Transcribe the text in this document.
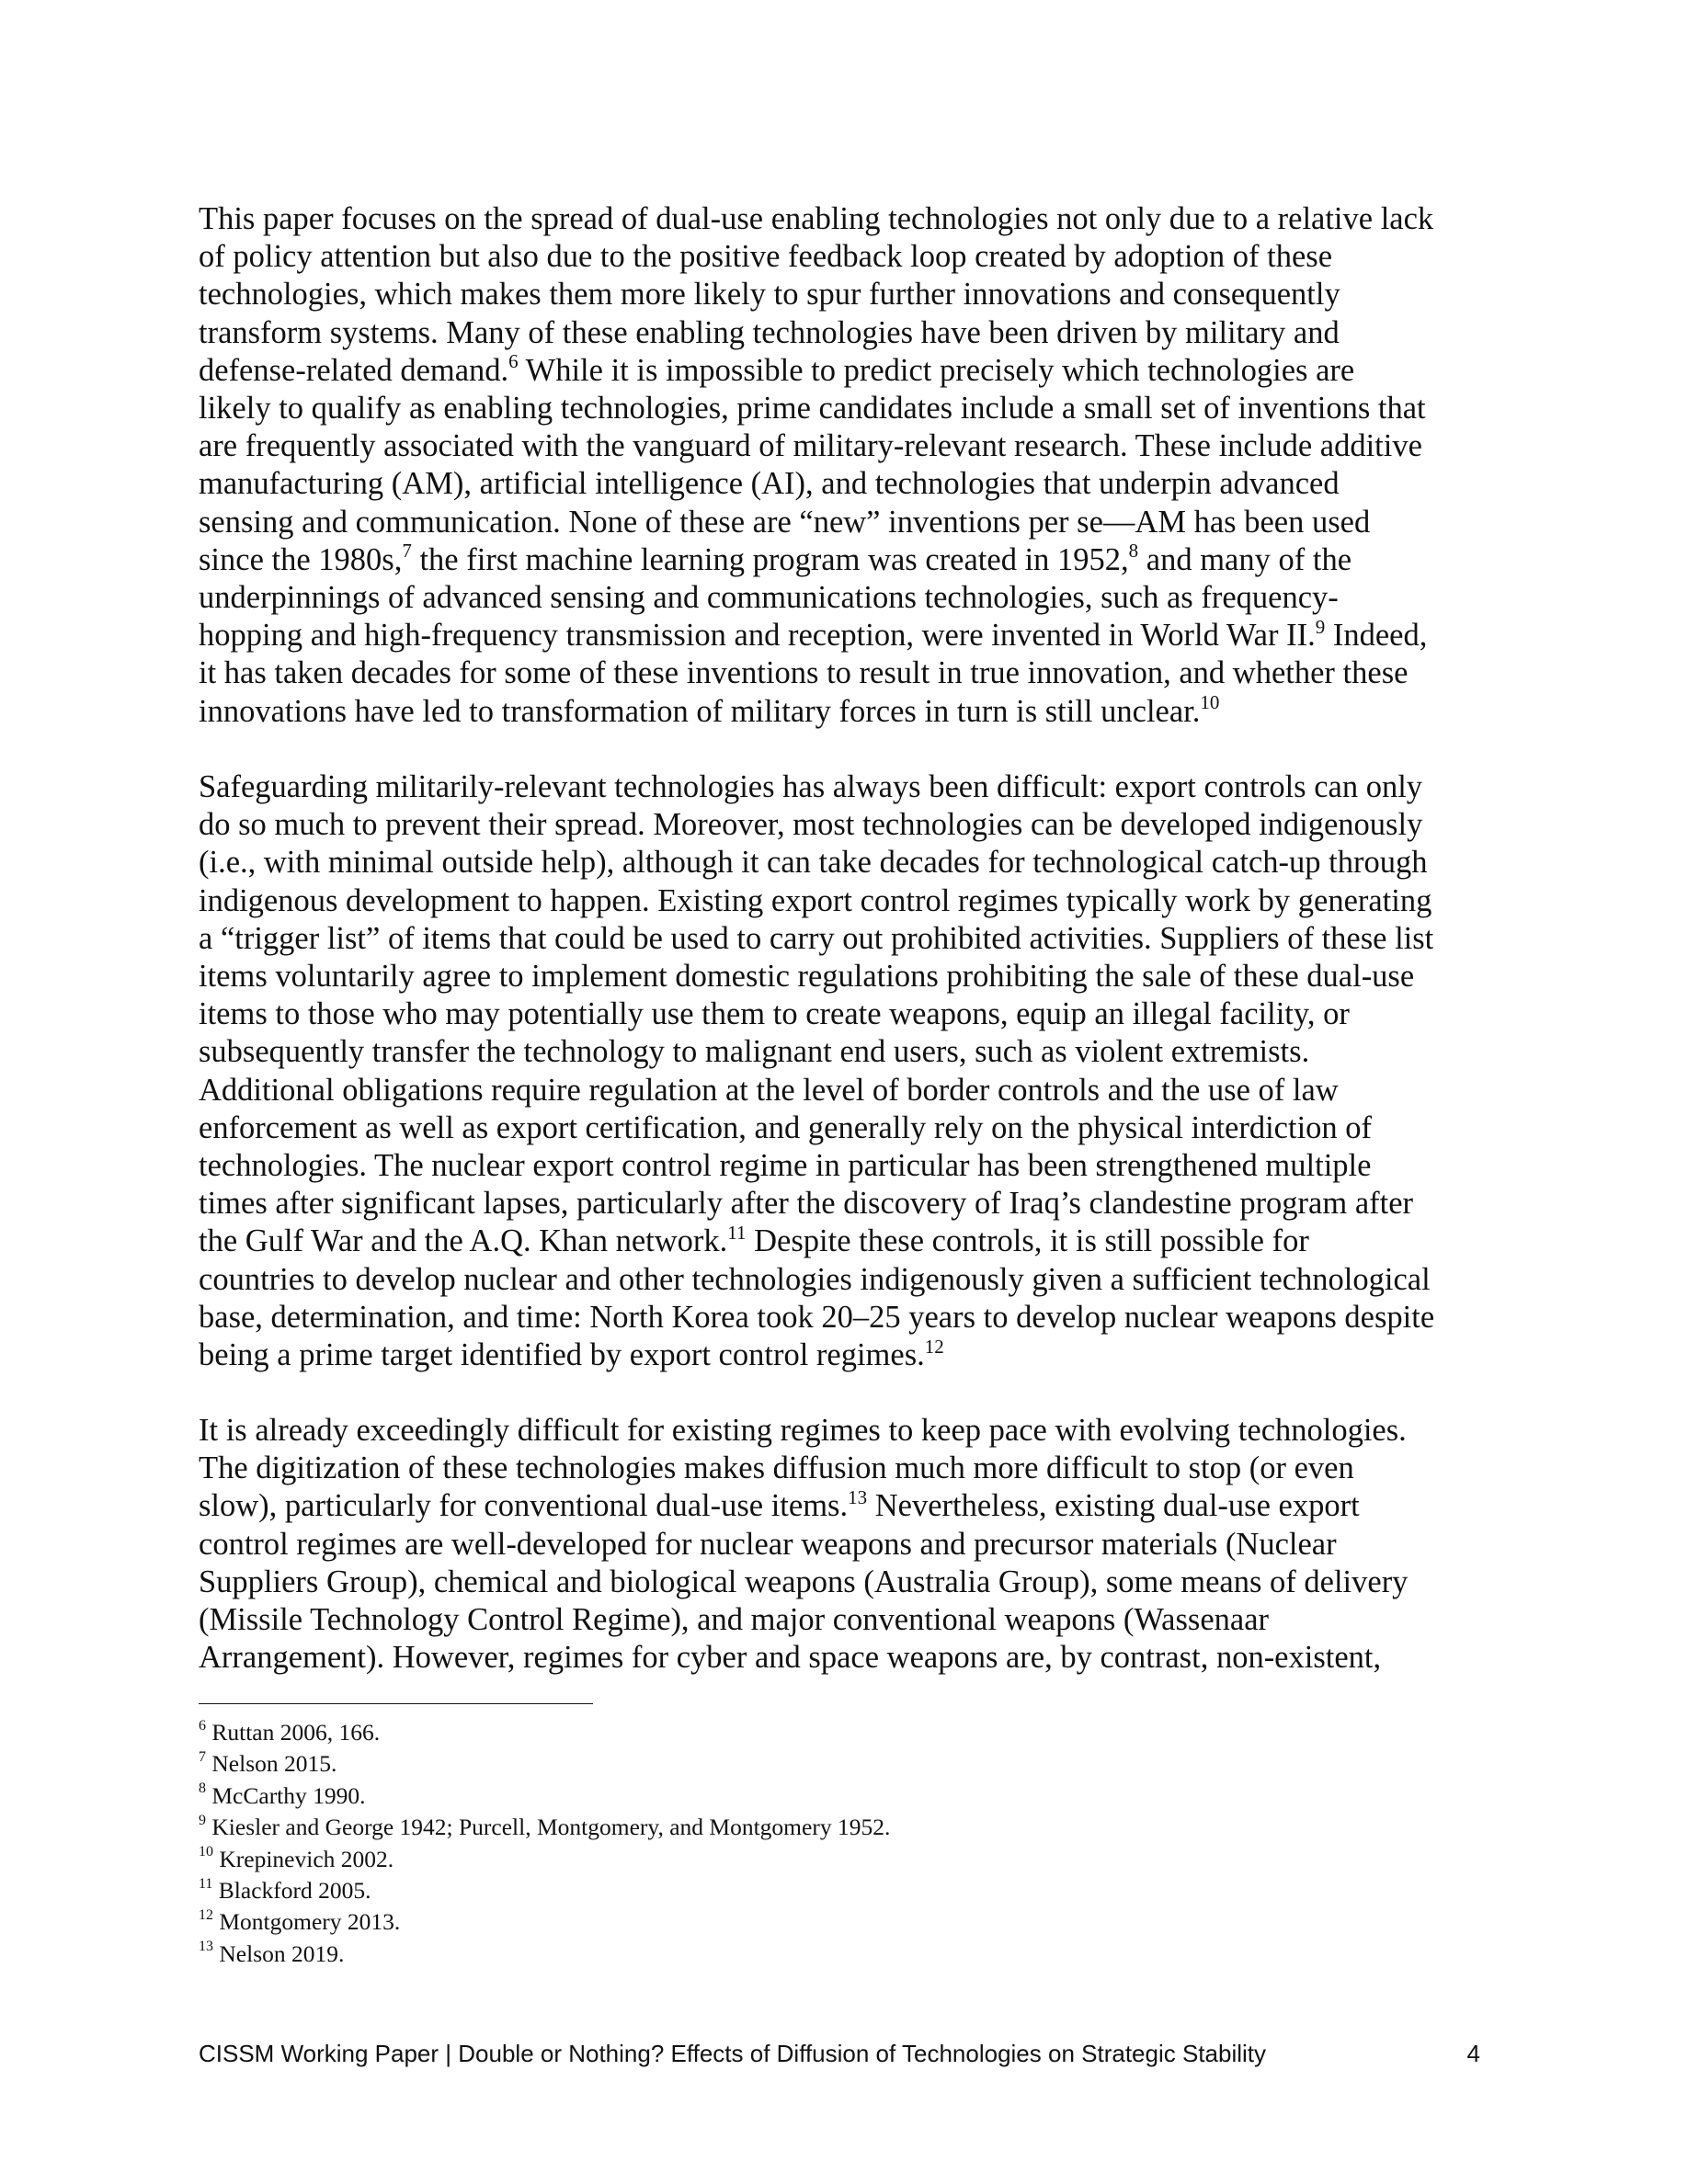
This paper focuses on the spread of dual-use enabling technologies not only due to a relative lack
of policy attention but also due to the positive feedback loop created by adoption of these
technologies, which makes them more likely to spur further innovations and consequently
transform systems. Many of these enabling technologies have been driven by military and
defense-related demand.$^6$ While it is impossible to predict precisely which technologies are
likely to qualify as enabling technologies, prime candidates include a small set of inventions that
are frequently associated with the vanguard of military-relevant research. These include additive
manufacturing (AM), artificial intelligence (AI), and technologies that underpin advanced
sensing and communication. None of these are “new” inventions per se—AM has been used
since the 1980s,$^7$ the first machine learning program was created in 1952,$^8$ and many of the
underpinnings of advanced sensing and communications technologies, such as frequency-
hopping and high-frequency transmission and reception, were invented in World War II.$^9$ Indeed,
it has taken decades for some of these inventions to result in true innovation, and whether these
innovations have led to transformation of military forces in turn is still unclear.$^{10}$
Safeguarding militarily-relevant technologies has always been difficult: export controls can only
do so much to prevent their spread. Moreover, most technologies can be developed indigenously
(i.e., with minimal outside help), although it can take decades for technological catch-up through
indigenous development to happen. Existing export control regimes typically work by generating
a “trigger list” of items that could be used to carry out prohibited activities. Suppliers of these list
items voluntarily agree to implement domestic regulations prohibiting the sale of these dual-use
items to those who may potentially use them to create weapons, equip an illegal facility, or
subsequently transfer the technology to malignant end users, such as violent extremists.
Additional obligations require regulation at the level of border controls and the use of law
enforcement as well as export certification, and generally rely on the physical interdiction of
technologies. The nuclear export control regime in particular has been strengthened multiple
times after significant lapses, particularly after the discovery of Iraq’s clandestine program after
the Gulf War and the A.Q. Khan network.$^{11}$ Despite these controls, it is still possible for
countries to develop nuclear and other technologies indigenously given a sufficient technological
base, determination, and time: North Korea took 20–25 years to develop nuclear weapons despite
being a prime target identified by export control regimes.$^{12}$
It is already exceedingly difficult for existing regimes to keep pace with evolving technologies.
The digitization of these technologies makes diffusion much more difficult to stop (or even
slow), particularly for conventional dual-use items.$^{13}$ Nevertheless, existing dual-use export
control regimes are well-developed for nuclear weapons and precursor materials (Nuclear
Suppliers Group), chemical and biological weapons (Australia Group), some means of delivery
(Missile Technology Control Regime), and major conventional weapons (Wassenaar
Arrangement). However, regimes for cyber and space weapons are, by contrast, non-existent,
$^6$ Ruttan 2006, 166.
$^7$ Nelson 2015.
$^8$ McCarthy 1990.
$^9$ Kiesler and George 1942; Purcell, Montgomery, and Montgomery 1952.
$^{10}$ Krepinevich 2002.
$^{11}$ Blackford 2005.
$^{12}$ Montgomery 2013.
$^{13}$ Nelson 2019.
CISSM Working Paper | Double or Nothing? Effects of Diffusion of Technologies on Strategic Stability	4
